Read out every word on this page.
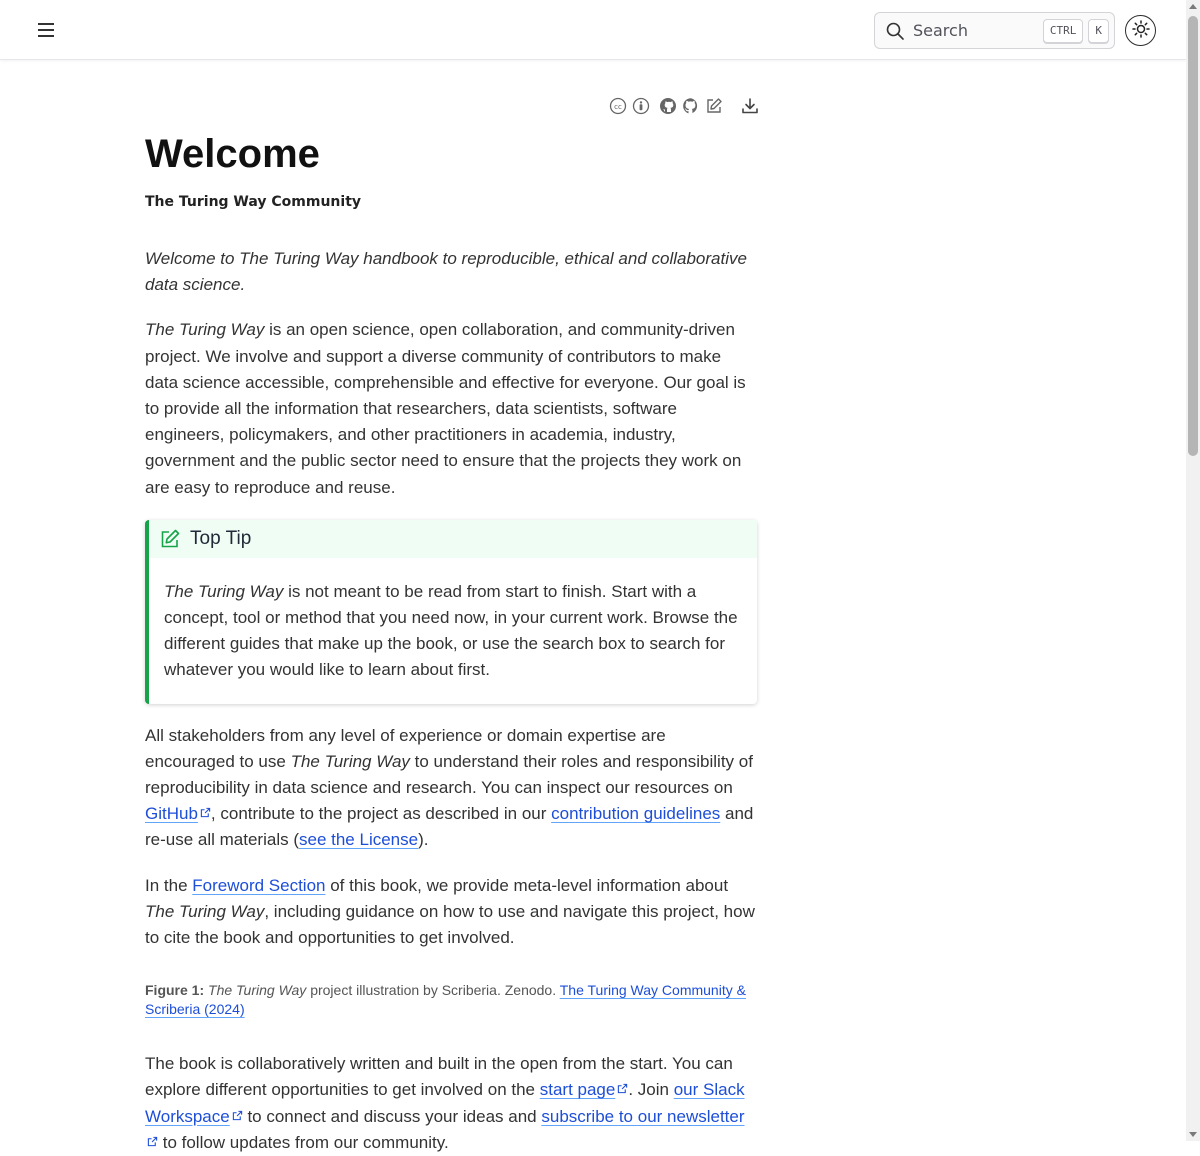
Search	CTRL	K
cc
Welcome
The Turing Way Community

Welcome to The Turing Way handbook to reproducible, ethical and collaborative data science.

The Turing Way is an open science, open collaboration, and community-driven project. We involve and support a diverse community of contributors to make data science accessible, comprehensible and effective for everyone. Our goal is to provide all the information that researchers, data scientists, software engineers, policymakers, and other practitioners in academia, industry, government and the public sector need to ensure that the projects they work on are easy to reproduce and reuse.

Top Tip

The Turing Way is not meant to be read from start to finish. Start with a concept, tool or method that you need now, in your current work. Browse the different guides that make up the book, or use the search box to search for whatever you would like to learn about first.

All stakeholders from any level of experience or domain expertise are encouraged to use The Turing Way to understand their roles and responsibility of reproducibility in data science and research. You can inspect our resources on GitHub , contribute to the project as described in our contribution guidelines and re-use all materials (see the License).

In the Foreword Section of this book, we provide meta-level information about The Turing Way, including guidance on how to use and navigate this project, how to cite the book and opportunities to get involved.

Figure 1: The Turing Way project illustration by Scriberia. Zenodo. The Turing Way Community & Scriberia (2024)

The book is collaboratively written and built in the open from the start. You can explore different opportunities to get involved on the start page . Join our Slack Workspace to connect and discuss your ideas and subscribe to our newsletter to follow updates from our community.
